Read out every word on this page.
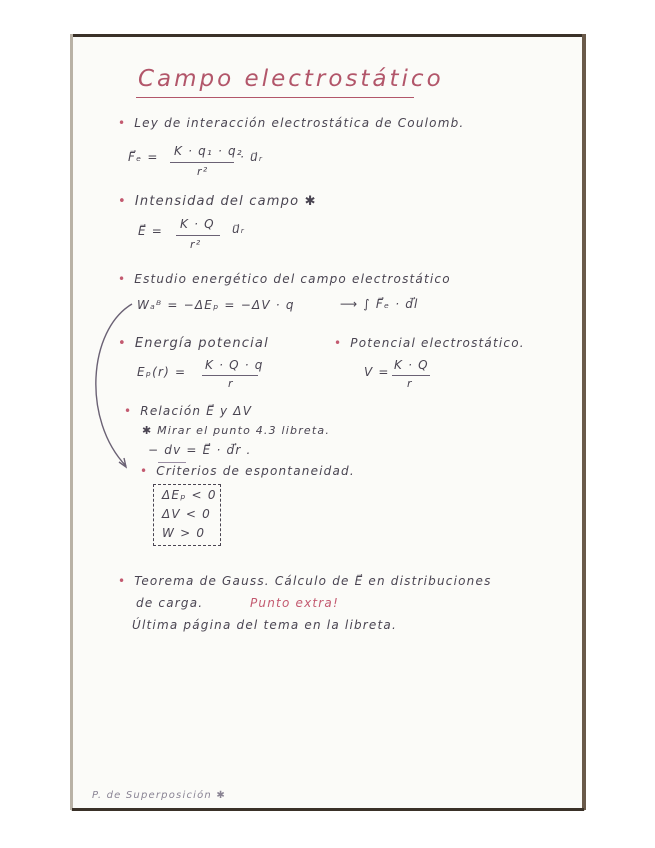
Campo electrostático
• Ley de interacción electrostática de Coulomb.
F⃗ₑ = K · q₁ · q₂
r²
· u⃗ᵣ
• Intensidad del campo ✱
E⃗ = K · Q
r²
u⃗ᵣ
• Estudio energético del campo electrostático
Wₐᴮ = −ΔEₚ = −ΔV · q	⟶ ∫ F⃗ₑ · d⃗l
• Energía potencial
Eₚ(r) = K · Q · q
r
• Potencial electrostático.
V = K · Q
r
• Relación E⃗ y ΔV
✱ Mirar el punto 4.3 libreta.
− dv = E⃗ · d⃗r .
• Criterios de espontaneidad.
ΔEₚ < 0
ΔV < 0
W > 0
• Teorema de Gauss. Cálculo de E⃗ en distribuciones
de carga.	Punto extra!
Última página del tema en la libreta.
P. de Superposición ✱
